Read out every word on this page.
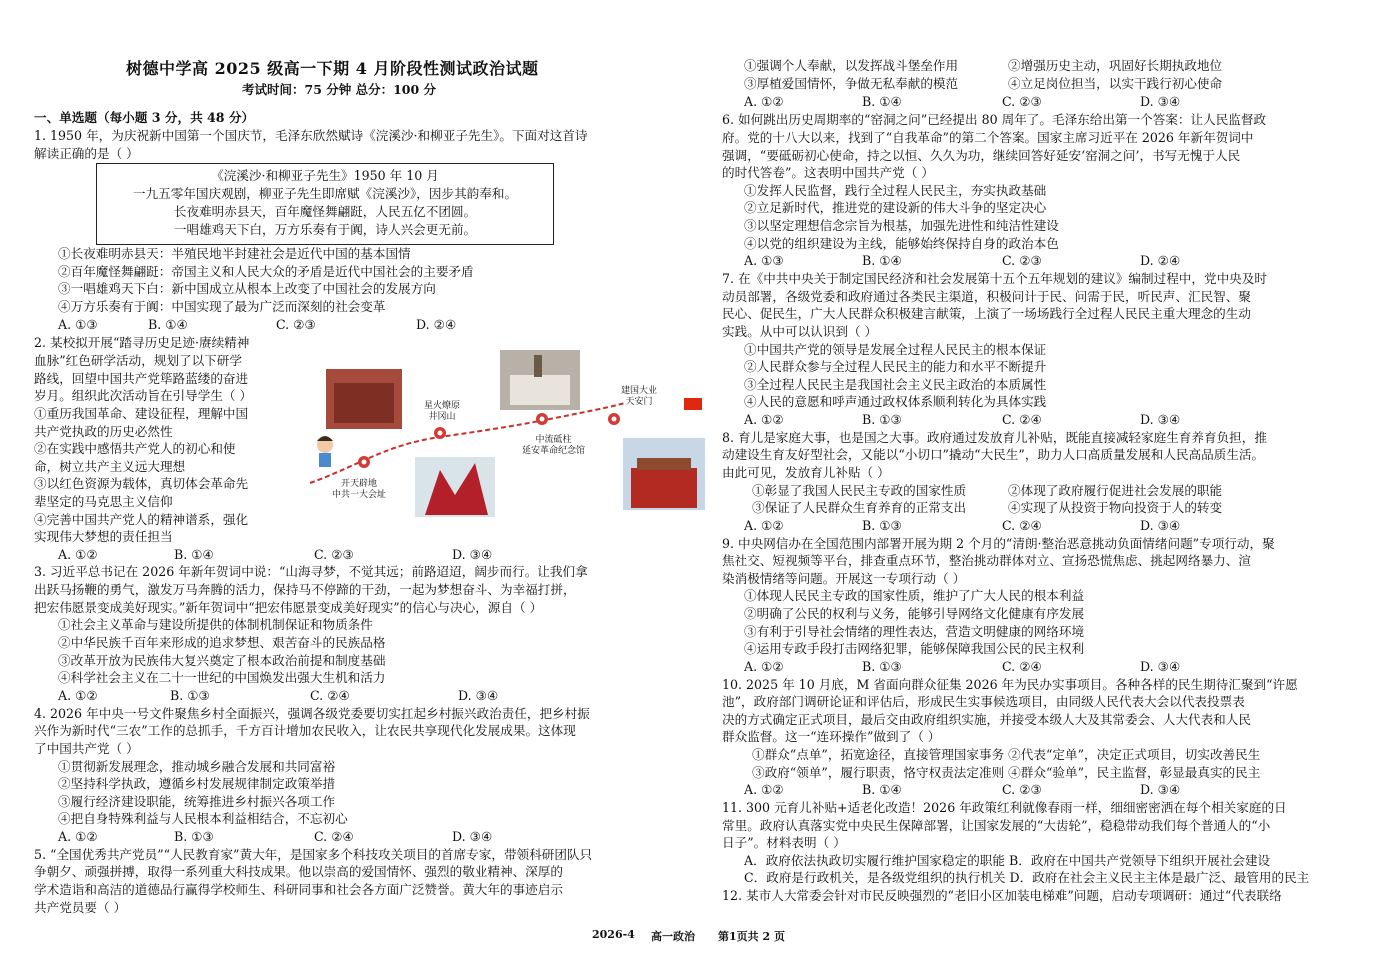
树德中学高 2025 级高一下期 4 月阶段性测试政治试题
考试时间：75 分钟 总分：100 分
一、单选题（每小题 3 分，共 48 分）
1. 1950 年，为庆祝新中国第一个国庆节，毛泽东欣然赋诗《浣溪沙·和柳亚子先生》。下面对这首诗
解读正确的是（ ）
《浣溪沙·和柳亚子先生》1950 年 10 月
一九五零年国庆观剧，柳亚子先生即席赋《浣溪沙》，因步其韵奉和。
长夜难明赤县天，百年魔怪舞翩跹，人民五亿不团圆。
一唱雄鸡天下白，万方乐奏有于阗，诗人兴会更无前。
①长夜难明赤县天：半殖民地半封建社会是近代中国的基本国情
②百年魔怪舞翩跹：帝国主义和人民大众的矛盾是近代中国社会的主要矛盾
③一唱雄鸡天下白：新中国成立从根本上改变了中国社会的发展方向
④万方乐奏有于阗：中国实现了最为广泛而深刻的社会变革
A. ①③	B. ①④	C. ②③	D. ②④
2. 某校拟开展“踏寻历史足迹·赓续精神
血脉”红色研学活动，规划了以下研学
路线，回望中国共产党筚路蓝缕的奋进
岁月。组织此次活动旨在引导学生（ ）
①重历我国革命、建设征程，理解中国
共产党执政的历史必然性
②在实践中感悟共产党人的初心和使
命，树立共产主义远大理想
③以红色资源为载体，真切体会革命先
辈坚定的马克思主义信仰
④完善中国共产党人的精神谱系，强化
实现伟大梦想的责任担当
A. ①②	B. ①④	C. ②③	D. ③④
3. 习近平总书记在 2026 年新年贺词中说：“山海寻梦，不觉其远；前路迢迢，阔步而行。让我们拿
出跃马扬鞭的勇气，激发万马奔腾的活力，保持马不停蹄的干劲，一起为梦想奋斗、为幸福打拼，
把宏伟愿景变成美好现实。”新年贺词中“把宏伟愿景变成美好现实”的信心与决心，源自（ ）
①社会主义革命与建设所提供的体制机制保证和物质条件
②中华民族千百年来形成的追求梦想、艰苦奋斗的民族品格
③改革开放为民族伟大复兴奠定了根本政治前提和制度基础
④科学社会主义在二十一世纪的中国焕发出强大生机和活力
A. ①②	B. ①③	C. ②④	D. ③④
4. 2026 年中央一号文件聚焦乡村全面振兴，强调各级党委要切实扛起乡村振兴政治责任，把乡村振
兴作为新时代“三农”工作的总抓手，千方百计增加农民收入，让农民共享现代化发展成果。这体现
了中国共产党（ ）
①贯彻新发展理念，推动城乡融合发展和共同富裕
②坚持科学执政，遵循乡村发展规律制定政策举措
③履行经济建设职能，统筹推进乡村振兴各项工作
④把自身特殊利益与人民根本利益相结合，不忘初心
A. ①②	B. ①③	C. ②④	D. ③④
5. “全国优秀共产党员”“人民教育家”黄大年，是国家多个科技攻关项目的首席专家，带领科研团队只
争朝夕、顽强拼搏，取得一系列重大科技成果。他以崇高的爱国情怀、强烈的敬业精神、深厚的
学术造诣和高洁的道德品行赢得学校师生、科研同事和社会各方面广泛赞誉。黄大年的事迹启示
共产党员要（ ）
星火燎原
井冈山
中流砥柱
延安革命纪念馆
开天辟地
中共一大会址
建国大业
天安门
①强调个人奉献，以发挥战斗堡垒作用	②增强历史主动，巩固好长期执政地位
③厚植爱国情怀，争做无私奉献的模范	④立足岗位担当，以实干践行初心使命
A. ①②	B. ①④	C. ②③	D. ③④
6. 如何跳出历史周期率的“窑洞之问”已经提出 80 周年了。毛泽东给出第一个答案：让人民监督政
府。党的十八大以来，找到了“自我革命”的第二个答案。国家主席习近平在 2026 年新年贺词中
强调，“要砥砺初心使命，持之以恒、久久为功，继续回答好延安‘窑洞之问’，书写无愧于人民
的时代答卷”。这表明中国共产党（ ）
①发挥人民监督，践行全过程人民民主，夯实执政基础
②立足新时代，推进党的建设新的伟大斗争的坚定决心
③以坚定理想信念宗旨为根基，加强先进性和纯洁性建设
④以党的组织建设为主线，能够始终保持自身的政治本色
A. ①③	B. ①④	C. ②③	D. ②④
7. 在《中共中央关于制定国民经济和社会发展第十五个五年规划的建议》编制过程中，党中央及时
动员部署，各级党委和政府通过各类民主渠道，积极问计于民、问需于民，听民声、汇民智、聚
民心、促民生，广大人民群众积极建言献策，上演了一场场践行全过程人民民主重大理念的生动
实践。从中可以认识到（ ）
①中国共产党的领导是发展全过程人民民主的根本保证
②人民群众参与全过程人民民主的能力和水平不断提升
③全过程人民民主是我国社会主义民主政治的本质属性
④人民的意愿和呼声通过政权体系顺利转化为具体实践
A. ①②	B. ①③	C. ②④	D. ③④
8. 育儿是家庭大事，也是国之大事。政府通过发放育儿补贴，既能直接减轻家庭生育养育负担，推
动建设生育友好型社会，又能以“小切口”撬动“大民生”，助力人口高质量发展和人民高品质生活。
由此可见，发放育儿补贴（ ）
①彰显了我国人民民主专政的国家性质	②体现了政府履行促进社会发展的职能
③保证了人民群众生育养育的正常支出	④实现了从投资于物向投资于人的转变
A. ①②	B. ①③	C. ②④	D. ③④
9. 中央网信办在全国范围内部署开展为期 2 个月的“清朗·整治恶意挑动负面情绪问题”专项行动，聚
焦社交、短视频等平台，排查重点环节，整治挑动群体对立、宣扬恐慌焦虑、挑起网络暴力、渲
染消极情绪等问题。开展这一专项行动（ ）
①体现人民民主专政的国家性质，维护了广大人民的根本利益
②明确了公民的权利与义务，能够引导网络文化健康有序发展
③有利于引导社会情绪的理性表达，营造文明健康的网络环境
④运用专政手段打击网络犯罪，能够保障我国公民的民主权利
A. ①②	B. ①③	C. ②④	D. ③④
10. 2025 年 10 月底，M 省面向群众征集 2026 年为民办实事项目。各种各样的民生期待汇聚到“许愿
池”，政府部门调研论证和评估后，形成民生实事候选项目，由同级人民代表大会以代表投票表
决的方式确定正式项目，最后交由政府组织实施，并接受本级人大及其常委会、人大代表和人民
群众监督。这一“连环操作”做到了（ ）
①群众“点单”，拓宽途径，直接管理国家事务 ②代表“定单”，决定正式项目，切实改善民生
③政府“领单”，履行职责，恪守权责法定准则 ④群众“验单”，民主监督，彰显最真实的民主
A. ①②	B. ①④	C. ②③	D. ③④
11. 300 元育儿补贴+适老化改造！2026 年政策红利就像春雨一样，细细密密洒在每个相关家庭的日
常里。政府认真落实党中央民生保障部署，让国家发展的“大齿轮”，稳稳带动我们每个普通人的“小
日子”。材料表明（ ）
A．政府依法执政切实履行维护国家稳定的职能 B．政府在中国共产党领导下组织开展社会建设
C．政府是行政机关，是各级党组织的执行机关 D．政府在社会主义民主主体是最广泛、最管用的民主
12. 某市人大常委会针对市民反映强烈的“老旧小区加装电梯难”问题，启动专项调研：通过“代表联络
2026-4 高一政治 第1页共 2 页
